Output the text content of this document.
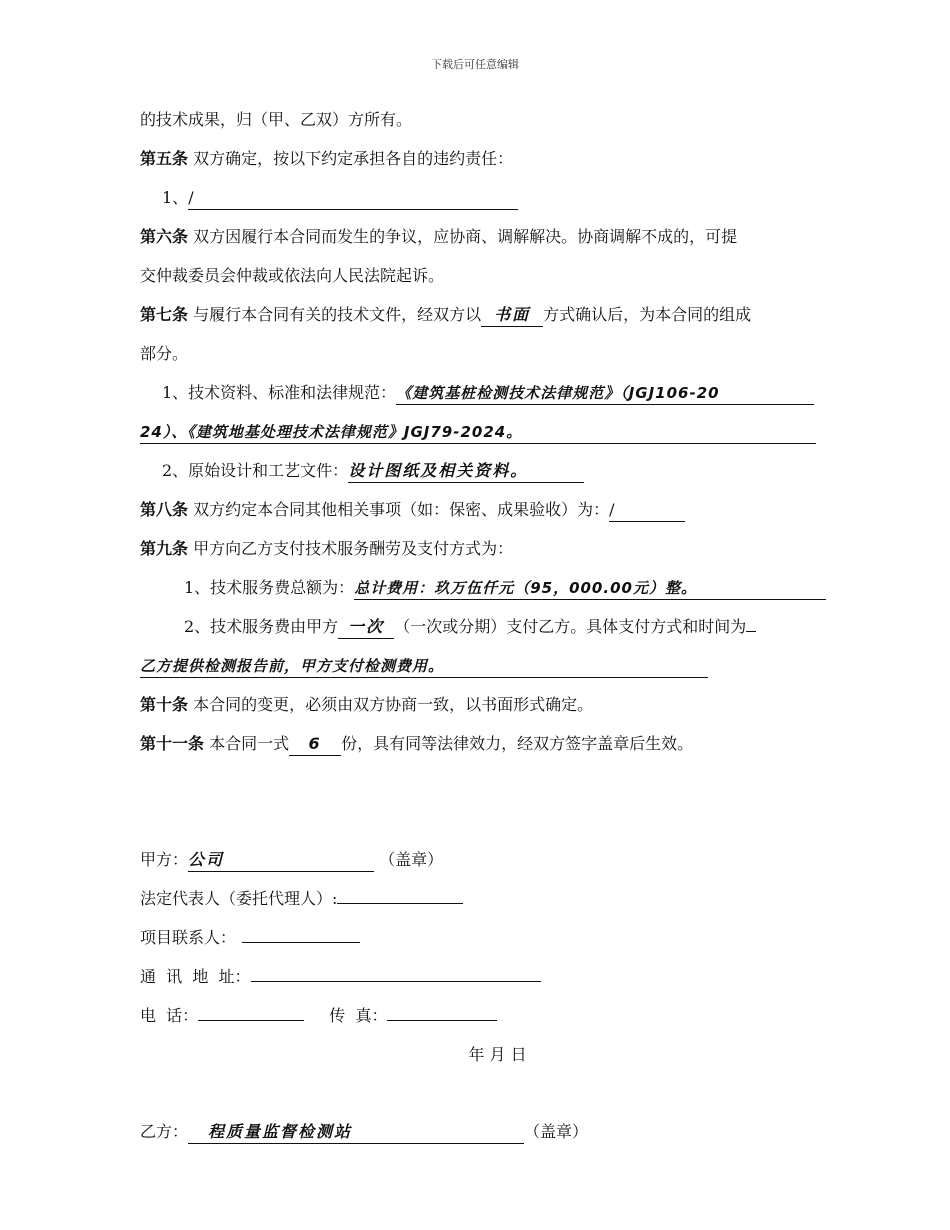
下载后可任意编辑
的技术成果，归（甲、乙双）方所有。
第五条 双方确定，按以下约定承担各自的违约责任：
1、/
第六条 双方因履行本合同而发生的争议，应协商、调解解决。协商调解不成的，可提
交仲裁委员会仲裁或依法向人民法院起诉。
第七条 与履行本合同有关的技术文件，经双方以 书面 方式确认后，为本合同的组成
部分。
1、技术资料、标准和法律规范：《建筑基桩检测技术法律规范》（JGJ106-20
24）、《建筑地基处理技术法律规范》JGJ79-2024。
2、原始设计和工艺文件：设计图纸及相关资料。
第八条 双方约定本合同其他相关事项（如：保密、成果验收）为：/
第九条 甲方向乙方支付技术服务酬劳及支付方式为：
1、技术服务费总额为：总计费用：玖万伍仟元（95，000.00元）整。
2、技术服务费由甲方 一次 （一次或分期）支付乙方。具体支付方式和时间为
乙方提供检测报告前，甲方支付检测费用。
第十条 本合同的变更，必须由双方协商一致，以书面形式确定。
第十一条 本合同一式 6 份，具有同等法律效力，经双方签字盖章后生效。
甲方：公司	（盖章）
法定代表人（委托代理人）:
项目联系人：
通  讯  地  址：
电  话：	传  真：
年 月 日
乙方： 程质量监督检测站	（盖章）
